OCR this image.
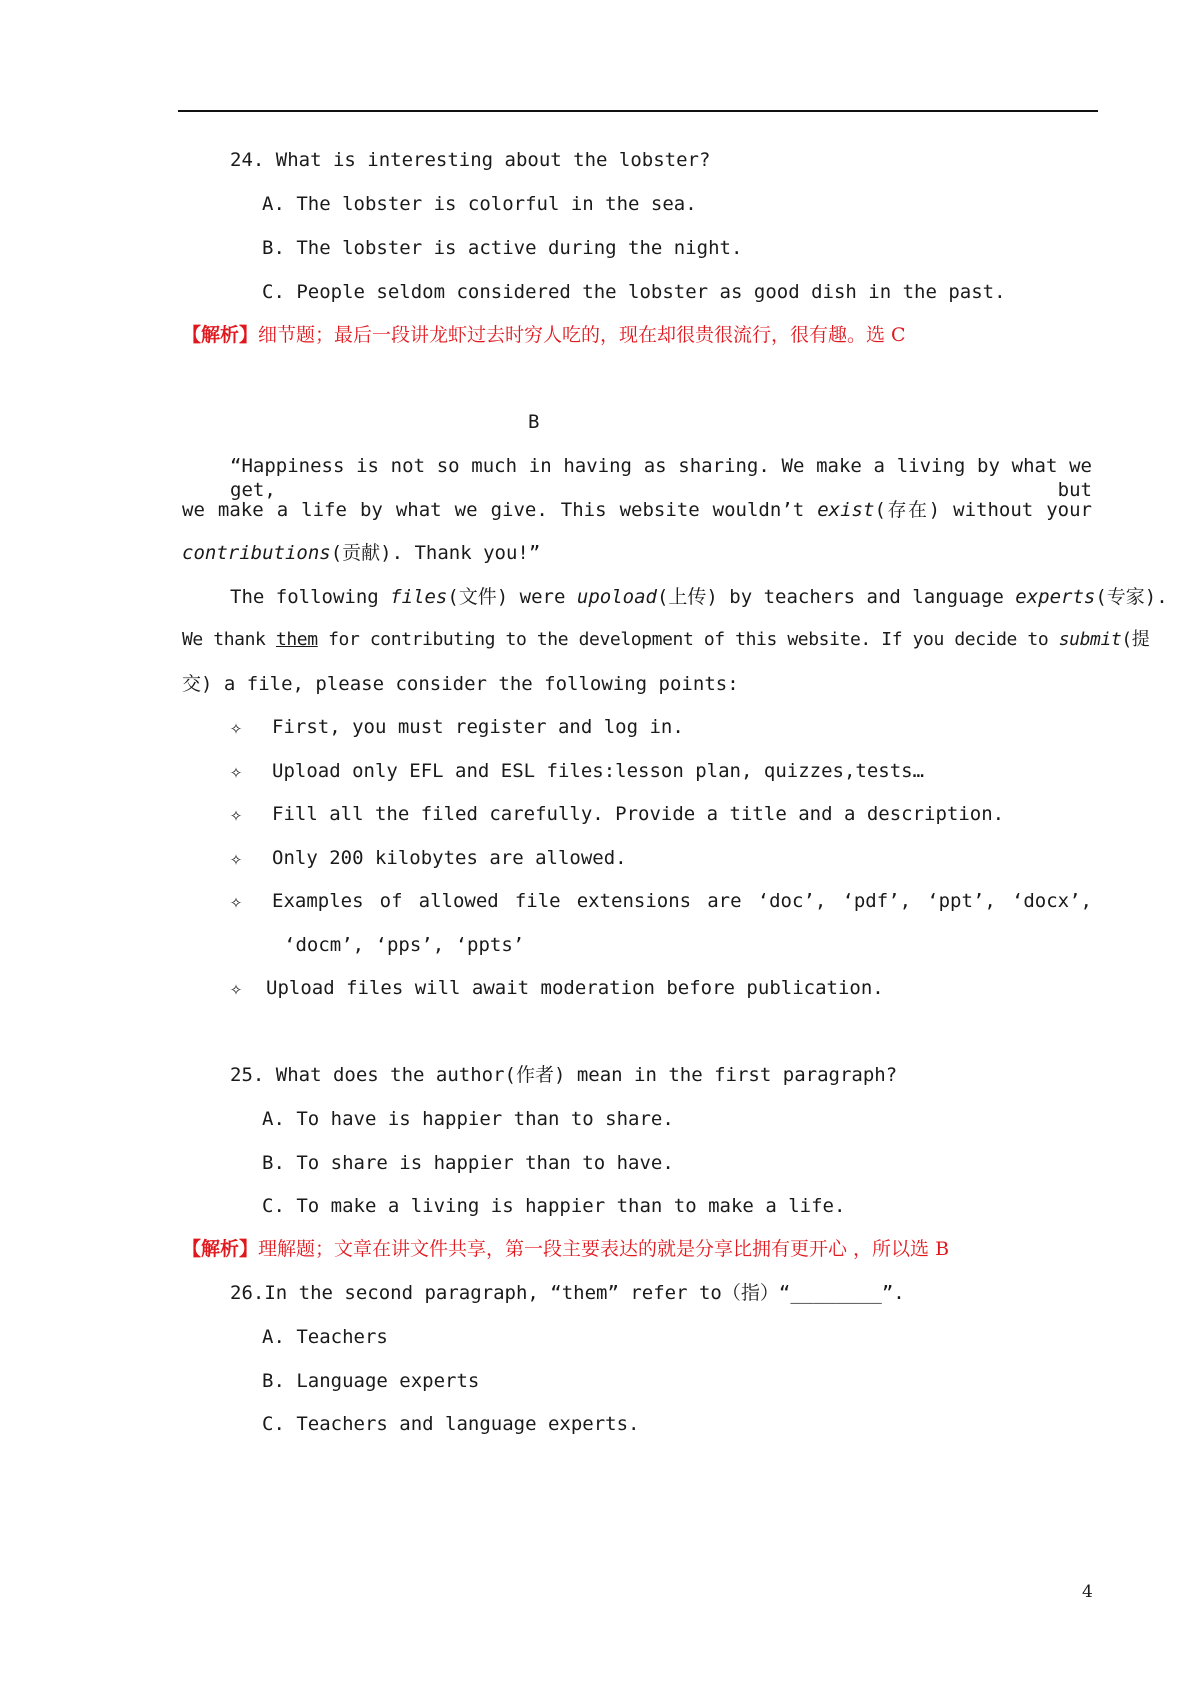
24. What is interesting about the lobster?
A. The lobster is colorful in the sea.
B. The lobster is active during the night.
C. People seldom considered the lobster as good dish in the past.
【解析】细节题；最后一段讲龙虾过去时穷人吃的，现在却很贵很流行，很有趣。选 C
B
“Happiness is not so much in having as sharing. We make a living by what we get, but
we make a life by what we give. This website wouldn’t exist(存在) without your
contributions(贡献). Thank you!”
The following files(文件) were upoload(上传) by teachers and language experts(专家).
We thank them for contributing to the development of this website. If you decide to submit(提
交) a file, please consider the following points:
✧ First, you must register and log in.
✧ Upload only EFL and ESL files:lesson plan, quizzes,tests…
✧ Fill all the filed carefully. Provide a title and a description.
✧ Only 200 kilobytes are allowed.
✧ Examples of allowed file extensions are ‘doc’, ‘pdf’, ‘ppt’, ‘docx’,
‘docm’, ‘pps’, ‘ppts’
✧ Upload files will await moderation before publication.
25. What does the author(作者) mean in the first paragraph?
A. To have is happier than to share.
B. To share is happier than to have.
C. To make a living is happier than to make a life.
【解析】理解题；文章在讲文件共享，第一段主要表达的就是分享比拥有更开心 ，所以选 B
26.In the second paragraph, “them” refer to（指）“________”.
A. Teachers
B. Language experts
C. Teachers and language experts.
4
